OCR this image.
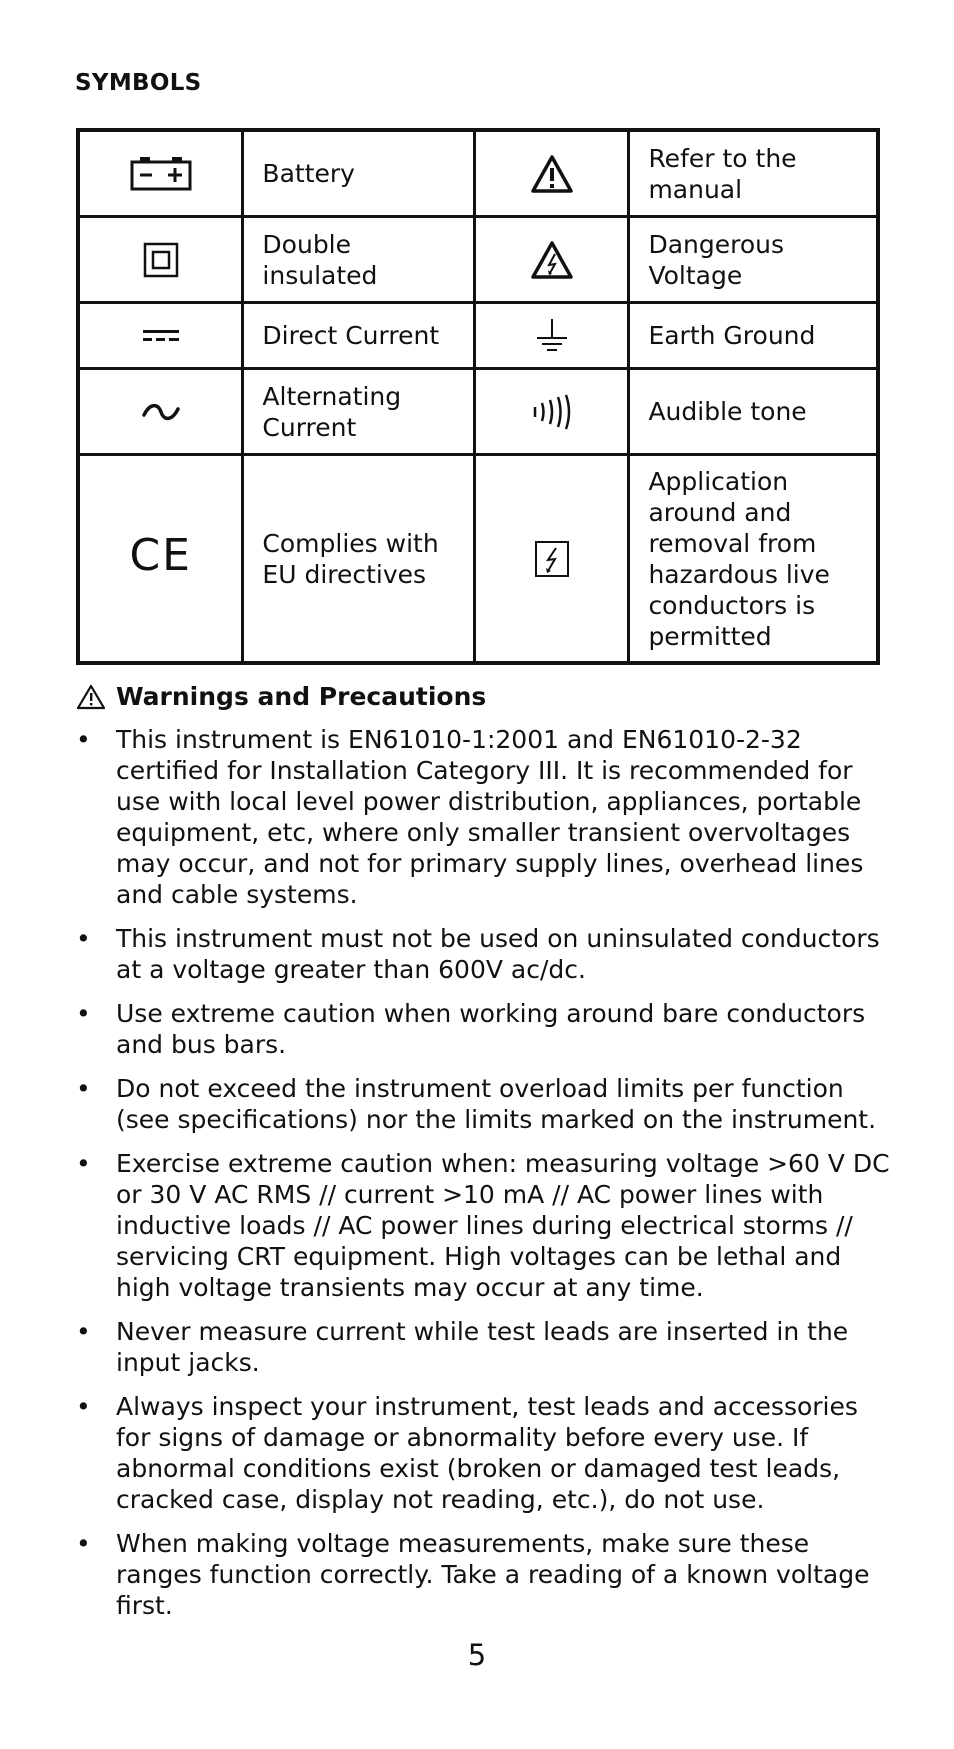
SYMBOLS
	Battery		Refer to the manual

	Double insulated		Dangerous Voltage

	Direct Current		Earth Ground

	Alternating Current		Audible tone
CE	Complies with EU directives		Application around and removal from hazardous live conductors is permitted
Warnings and Precautions
• This instrument is EN61010-1:2001 and EN61010-2-32 certified for Installation Category III. It is recommended for use with local level power distribution, appliances, portable equipment, etc, where only smaller transient overvoltages may occur, and not for primary supply lines, overhead lines and cable systems.
• This instrument must not be used on uninsulated conductors at a voltage greater than 600V ac/dc.
• Use extreme caution when working around bare conductors and bus bars.
• Do not exceed the instrument overload limits per function (see specifications) nor the limits marked on the instrument.
• Exercise extreme caution when: measuring voltage >60 V DC or 30 V AC RMS // current >10 mA // AC power lines with inductive loads // AC power lines during electrical storms // servicing CRT equipment. High voltages can be lethal and high voltage transients may occur at any time.
• Never measure current while test leads are inserted in the input jacks.
• Always inspect your instrument, test leads and accessories for signs of damage or abnormality before every use. If abnormal conditions exist (broken or damaged test leads, cracked case, display not reading, etc.), do not use.
• When making voltage measurements, make sure these ranges function correctly. Take a reading of a known voltage first.
5
